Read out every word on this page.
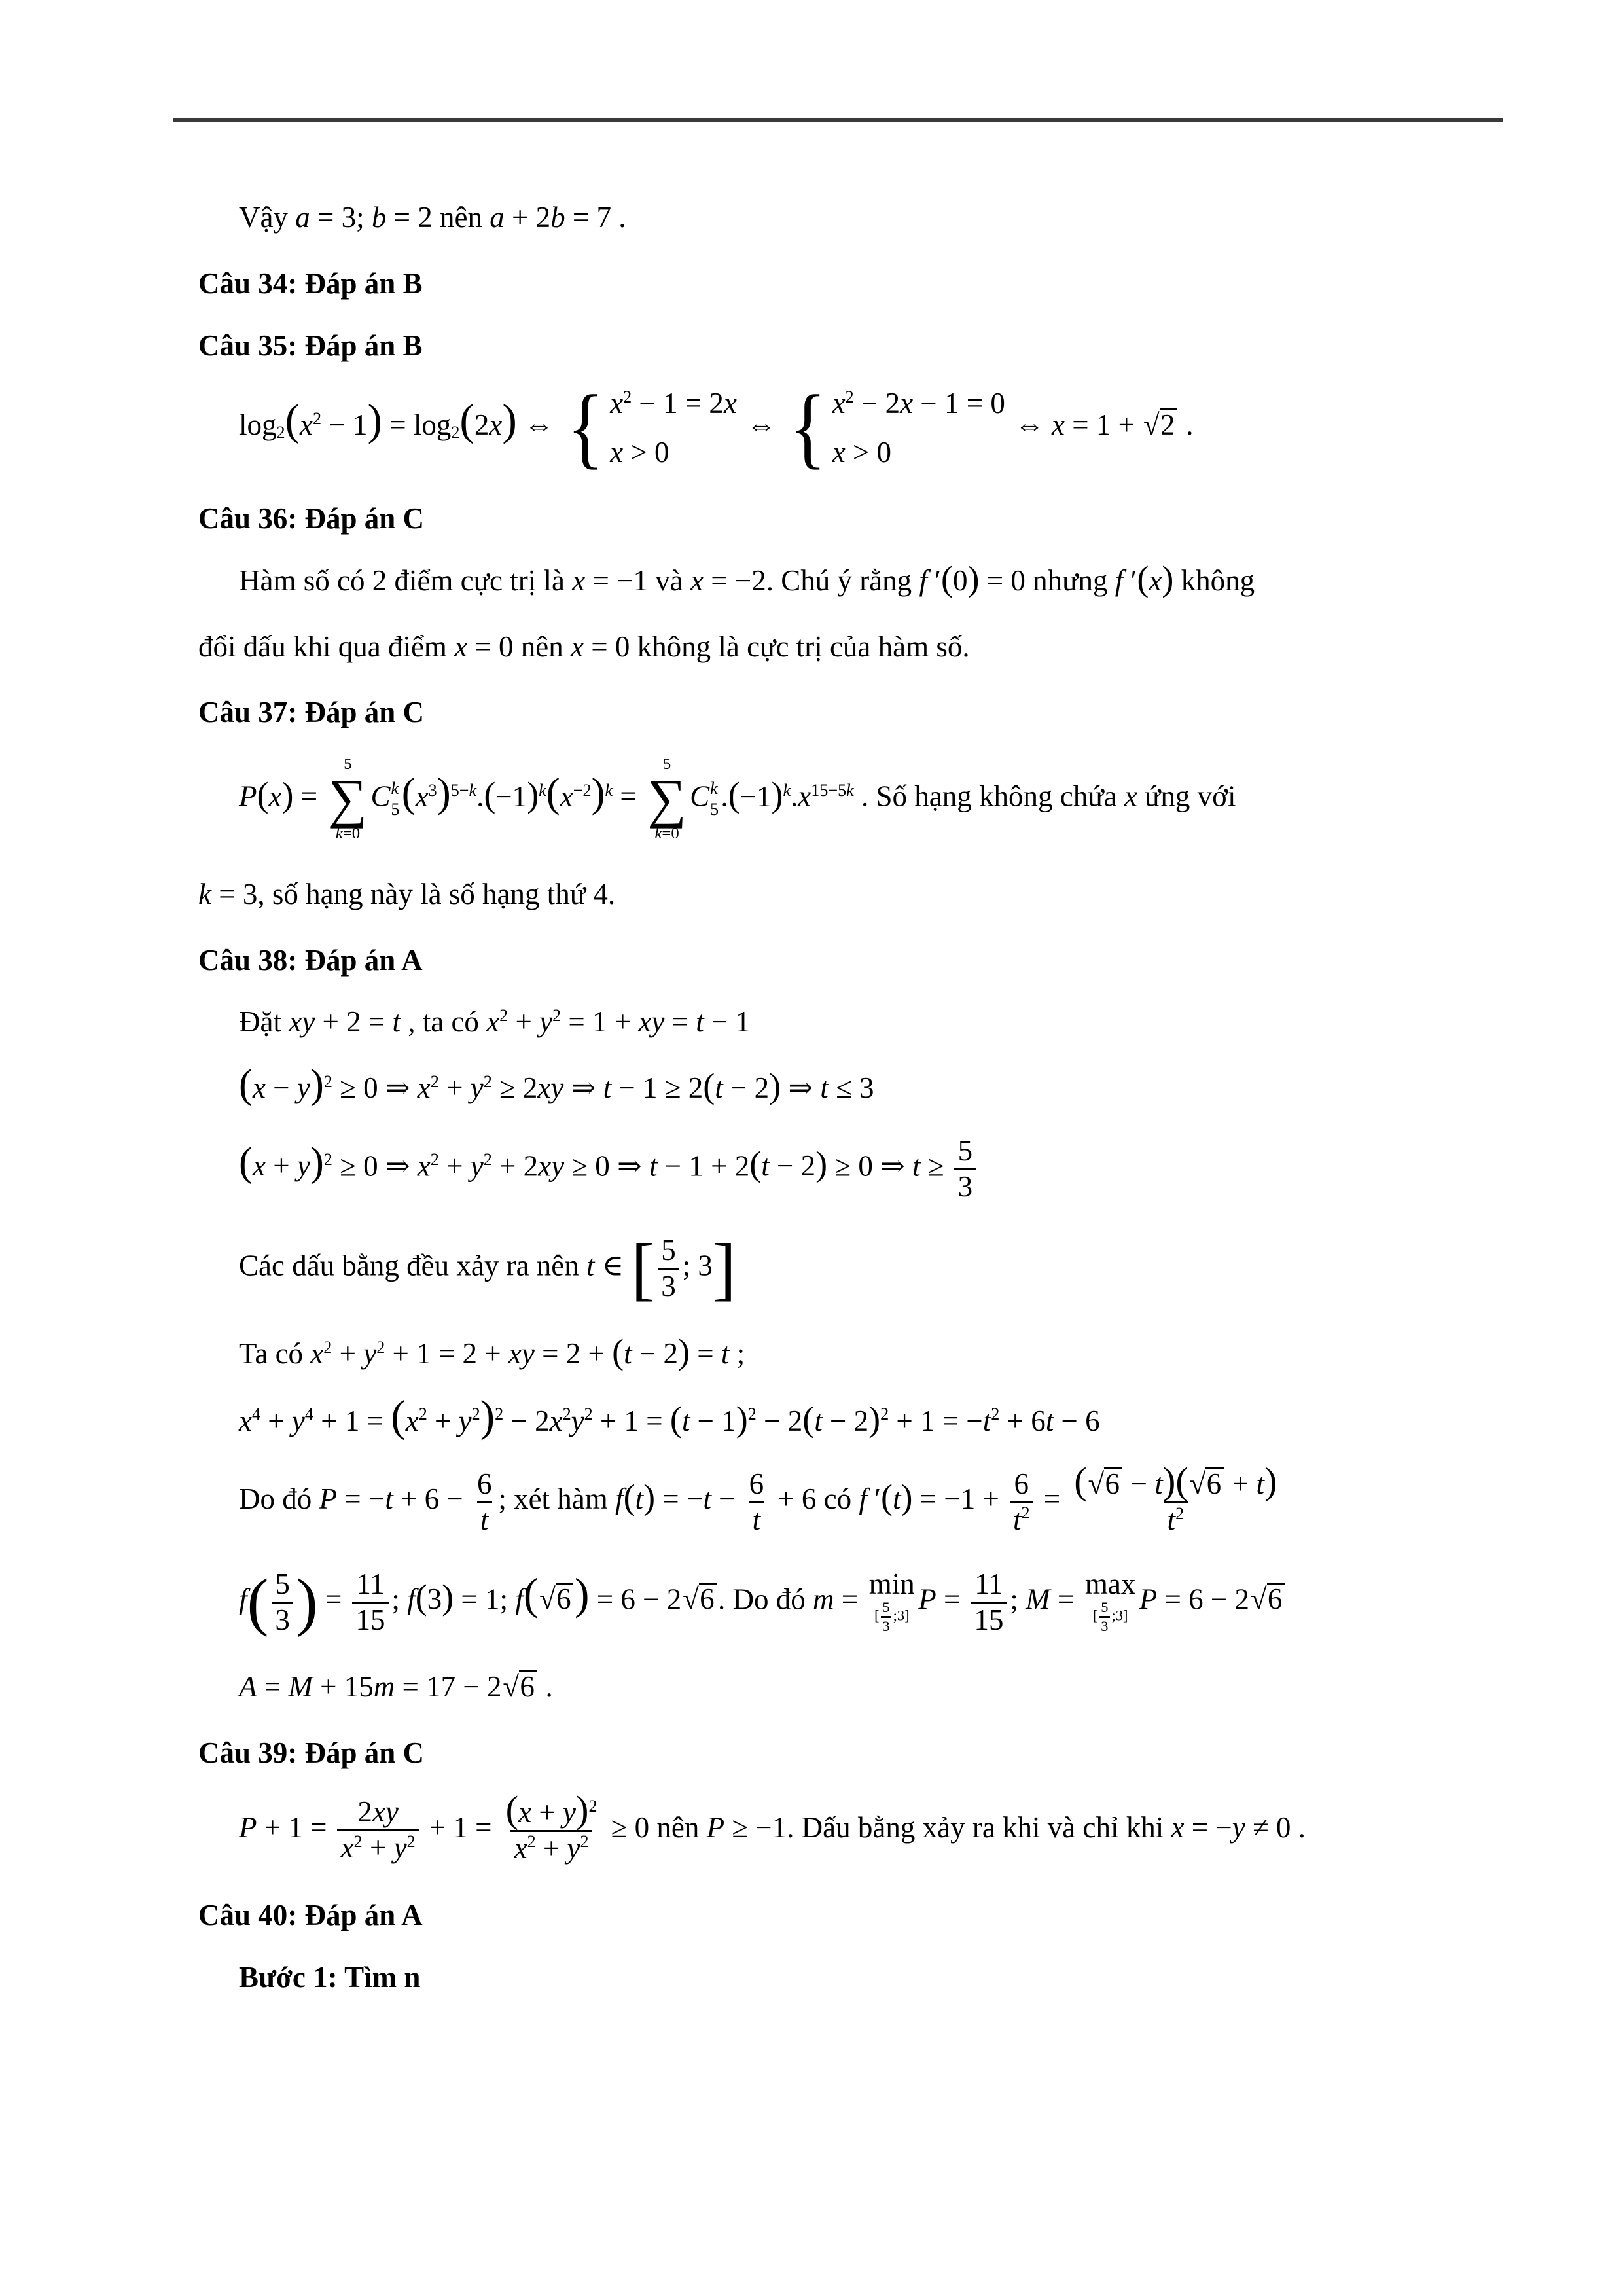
Vậy a = 3; b = 2 nên a + 2b = 7 .
Câu 34: Đáp án B
Câu 35: Đáp án B
log2 ( x2 − 1 ) = log2 ( 2x ) ⇔ { x2 − 1 = 2x
x > 0
⇔ { x2 − 2x − 1 = 0
x > 0
⇔ x = 1 + √ 2 .
Câu 36: Đáp án C
Hàm số có 2 điểm cực trị là x = −1 và x = −2. Chú ý rằng f ′ ( 0 ) = 0 nhưng f ′ ( x ) không
đổi dấu khi qua điểm x = 0 nên x = 0 không là cực trị của hàm số.
Câu 37: Đáp án C
P ( x ) =
5
∑
k=0
C k
5 ( x3 ) 5−k. ( −1 ) k ( x−2 ) k =
5
∑
k=0
C k
5 . ( −1 ) k.x15−5k . Số hạng không chứa x ứng với
k = 3, số hạng này là số hạng thứ 4.
Câu 38: Đáp án A
Đặt xy + 2 = t , ta có x2 + y2 = 1 + xy = t − 1
( x − y ) 2 ≥ 0 ⇒ x2 + y2 ≥ 2xy ⇒ t − 1 ≥ 2 ( t − 2 ) ⇒ t ≤ 3
( x + y ) 2 ≥ 0 ⇒ x2 + y2 + 2xy ≥ 0 ⇒ t − 1 + 2 ( t − 2 ) ≥ 0 ⇒ $t \ge \frac{5}{3}$
Các dấu bằng đều xảy ra nên t ∈ [ $\frac{5}{3}$ ; 3 ]
Ta có x2 + y2 + 1 = 2 + xy = 2 + ( t − 2 ) = t ;
x4 + y4 + 1 = ( x2 + y2 ) 2 − 2x2y2 + 1 = ( t − 1 ) 2 − 2 ( t − 2 ) 2 + 1 = −t2 + 6t − 6
Do đó $P = -t + 6 - \frac{6}{t}$ ; xét hàm f ( t ) = $-t - \frac{6}{t} + 6$ có f ′ ( t ) = $-1 + \frac{6}{t2} = \frac{( √ 6 - t ) ( √ 6 + t )}{t2}$
f ( $\frac{5}{3}$ ) = $\frac{11}{15}$ ; f ( 3 ) = 1; f ( √ 6 ) = 6 − 2 √ 6 . Do đó m = min
[ $\frac{5}{3}$ ;3] $P = \frac{11}{15}$ ; M = max
[ $\frac{5}{3}$ ;3] P = 6 − 2 √ 6
A = M + 15m = 17 − 2 √ 6 .
Câu 39: Đáp án C
$P + 1 = \frac{2xy}{x2 + y2} + 1 = \frac{( x + y ) 2}{x2 + y2} \ge 0$ nên P ≥ −1. Dấu bằng xảy ra khi và chỉ khi x = −y ≠ 0 .
Câu 40: Đáp án A
Bước 1: Tìm n
